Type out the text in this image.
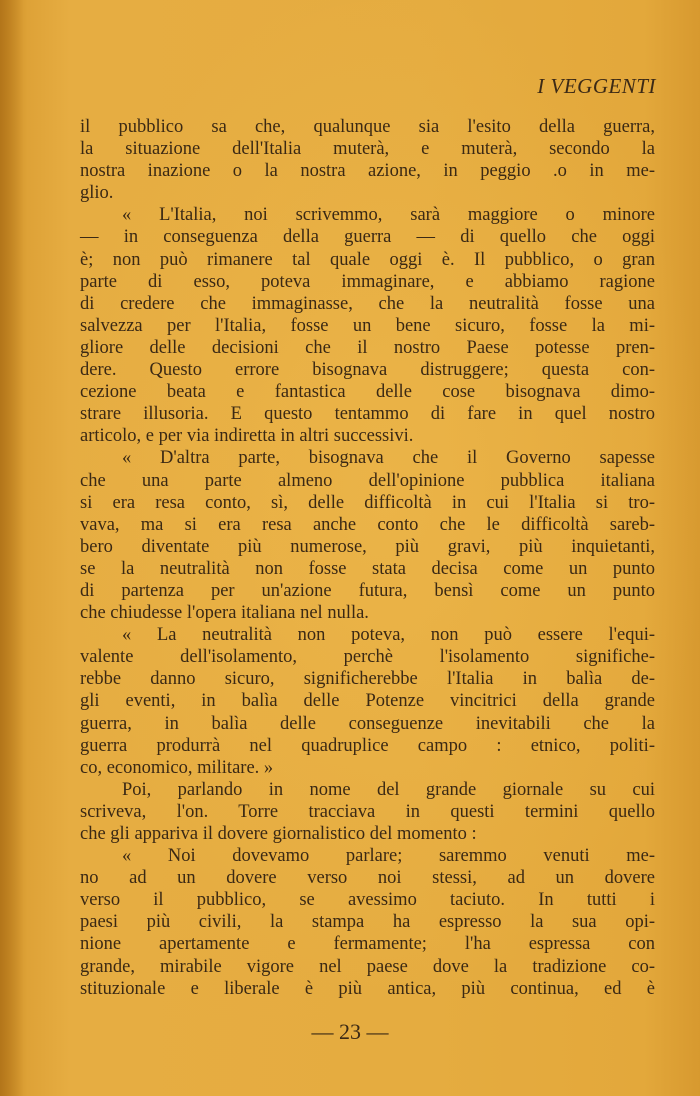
I VEGGENTI
il pubblico sa che, qualunque sia l'esito della guerra,
la situazione dell'Italia muterà, e muterà, secondo la
nostra inazione o la nostra azione, in peggio .o in me-
glio.
« L'Italia, noi scrivemmo, sarà maggiore o minore
— in conseguenza della guerra — di quello che oggi
è; non può rimanere tal quale oggi è. Il pubblico, o gran
parte di esso, poteva immaginare, e abbiamo ragione
di credere che immaginasse, che la neutralità fosse una
salvezza per l'Italia, fosse un bene sicuro, fosse la mi-
gliore delle decisioni che il nostro Paese potesse pren-
dere. Questo errore bisognava distruggere; questa con-
cezione beata e fantastica delle cose bisognava dimo-
strare illusoria. E questo tentammo di fare in quel nostro
articolo, e per via indiretta in altri successivi.
« D'altra parte, bisognava che il Governo sapesse
che una parte almeno dell'opinione pubblica italiana
si era resa conto, sì, delle difficoltà in cui l'Italia si tro-
vava, ma si era resa anche conto che le difficoltà sareb-
bero diventate più numerose, più gravi, più inquietanti,
se la neutralità non fosse stata decisa come un punto
di partenza per un'azione futura, bensì come un punto
che chiudesse l'opera italiana nel nulla.
« La neutralità non poteva, non può essere l'equi-
valente dell'isolamento, perchè l'isolamento significhe-
rebbe danno sicuro, significherebbe l'Italia in balìa de-
gli eventi, in balìa delle Potenze vincitrici della grande
guerra, in balìa delle conseguenze inevitabili che la
guerra produrrà nel quadruplice campo : etnico, politi-
co, economico, militare. »
Poi, parlando in nome del grande giornale su cui
scriveva, l'on. Torre tracciava in questi termini quello
che gli appariva il dovere giornalistico del momento :
« Noi dovevamo parlare; saremmo venuti me-
no ad un dovere verso noi stessi, ad un dovere
verso il pubblico, se avessimo taciuto. In tutti i
paesi più civili, la stampa ha espresso la sua opi-
nione apertamente e fermamente; l'ha espressa con
grande, mirabile vigore nel paese dove la tradizione co-
stituzionale e liberale è più antica, più continua, ed è
— 23 —
